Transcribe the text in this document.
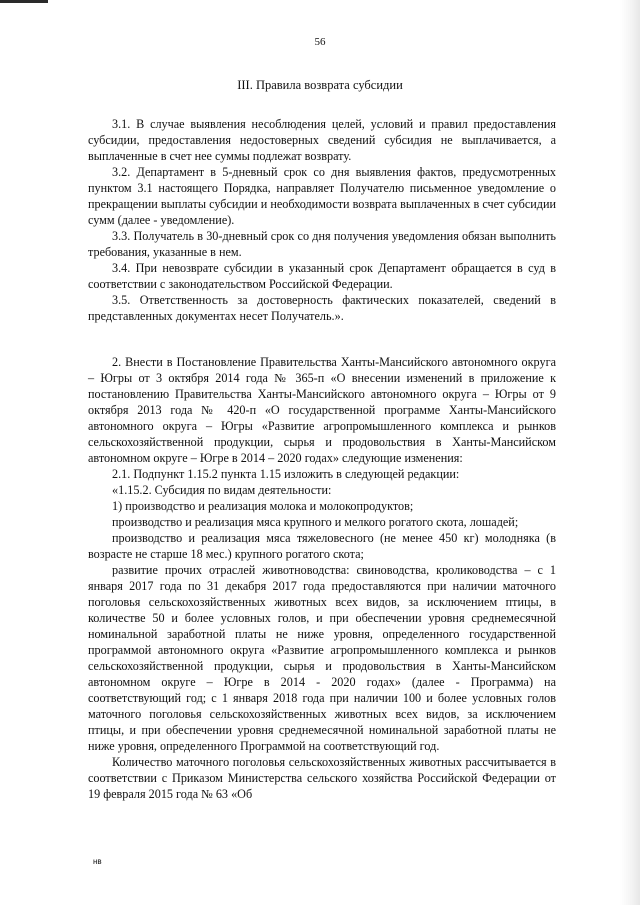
56
III. Правила возврата субсидии

3.1. В случае выявления несоблюдения целей, условий и правил предоставления субсидии, предоставления недостоверных сведений субсидия не выплачивается, а выплаченные в счет нее суммы подлежат возврату.

3.2. Департамент в 5-дневный срок со дня выявления фактов, предусмотренных пунктом 3.1 настоящего Порядка, направляет Получателю письменное уведомление о прекращении выплаты субсидии и необходимости возврата выплаченных в счет субсидии сумм (далее - уведомление).

3.3. Получатель в 30-дневный срок со дня получения уведомления обязан выполнить требования, указанные в нем.

3.4. При невозврате субсидии в указанный срок Департамент обращается в суд в соответствии с законодательством Российской Федерации.

3.5. Ответственность за достоверность фактических показателей, сведений в представленных документах несет Получатель.».

2. Внести в Постановление Правительства Ханты-Мансийского автономного округа – Югры от 3 октября 2014 года № 365-п «О внесении изменений в приложение к постановлению Правительства Ханты-Мансийского автономного округа – Югры от 9 октября 2013 года № 420-п «О государственной программе Ханты-Мансийского автономного округа – Югры «Развитие агропромышленного комплекса и рынков сельскохозяйственной продукции, сырья и продовольствия в Ханты-Мансийском автономном округе – Югре в 2014 – 2020 годах» следующие изменения:

2.1. Подпункт 1.15.2 пункта 1.15 изложить в следующей редакции:

«1.15.2. Субсидия по видам деятельности:

1) производство и реализация молока и молокопродуктов;

производство и реализация мяса крупного и мелкого рогатого скота, лошадей;

производство и реализация мяса тяжеловесного (не менее 450 кг) молодняка (в возрасте не старше 18 мес.) крупного рогатого скота;

развитие прочих отраслей животноводства: свиноводства, кролиководства – с 1 января 2017 года по 31 декабря 2017 года предоставляются при наличии маточного поголовья сельскохозяйственных животных всех видов, за исключением птицы, в количестве 50 и более условных голов, и при обеспечении уровня среднемесячной номинальной заработной платы не ниже уровня, определенного государственной программой автономного округа «Развитие агропромышленного комплекса и рынков сельскохозяйственной продукции, сырья и продовольствия в Ханты-Мансийском автономном округе – Югре в 2014 - 2020 годах» (далее - Программа) на соответствующий год; с 1 января 2018 года при наличии 100 и более условных голов маточного поголовья сельскохозяйственных животных всех видов, за исключением птицы, и при обеспечении уровня среднемесячной номинальной заработной платы не ниже уровня, определенного Программой на соответствующий год.

Количество маточного поголовья сельскохозяйственных животных рассчитывается в соответствии с Приказом Министерства сельского хозяйства Российской Федерации от 19 февраля 2015 года № 63 «Об

нв
